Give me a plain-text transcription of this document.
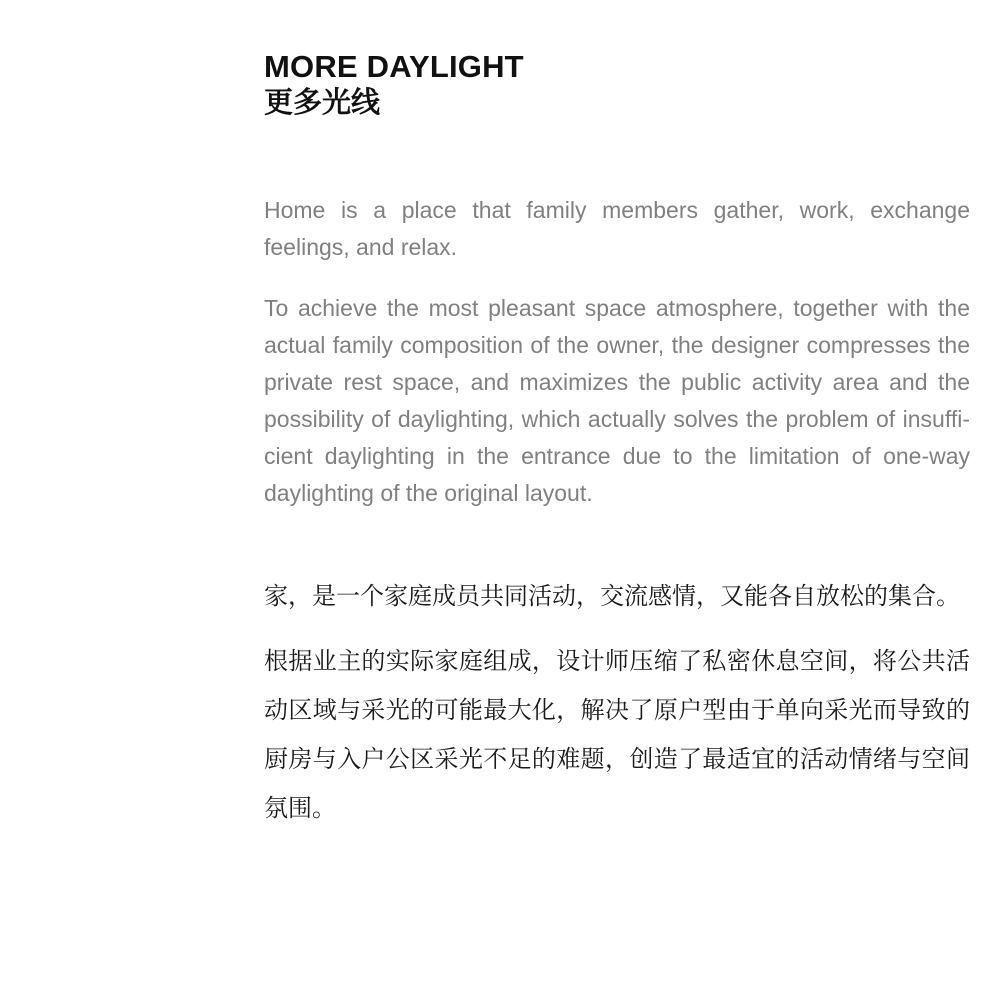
MORE DAYLIGHT
更多光线

Home is a place that family members gather, work, exchange feelings, and relax.

To achieve the most pleasant space atmosphere, together with the actual family composition of the owner, the designer compresses the private rest space, and maximizes the public activity area and the possibility of daylighting, which actually solves the problem of insufficient daylighting in the entrance due to the limitation of one-way daylighting of the original layout.

家，是一个家庭成员共同活动，交流感情，又能各自放松的集合。

根据业主的实际家庭组成，设计师压缩了私密休息空间，将公共活动区域与采光的可能最大化，解决了原户型由于单向采光而导致的厨房与入户公区采光不足的难题，创造了最适宜的活动情绪与空间氛围。
